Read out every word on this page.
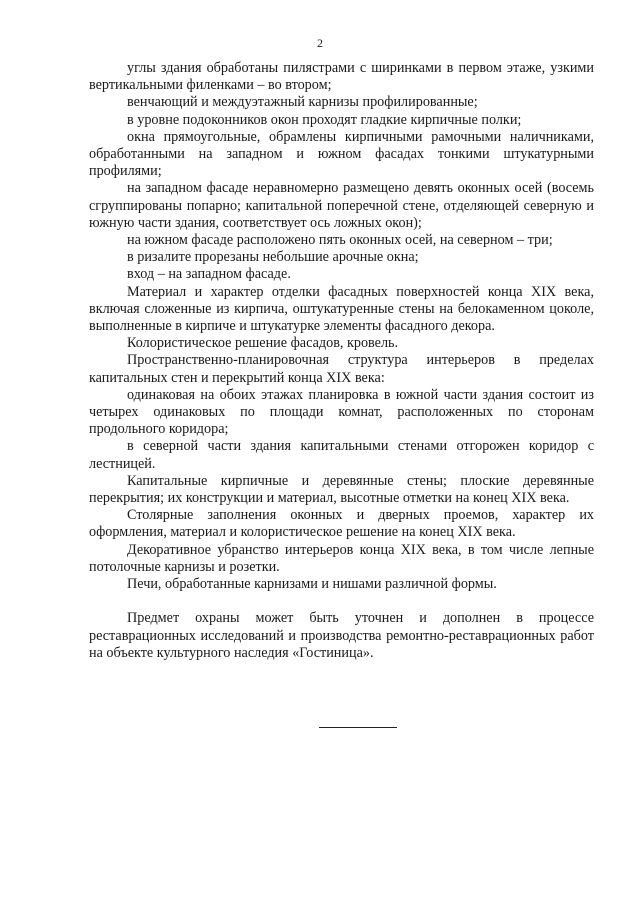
2

углы здания обработаны пилястрами с ширинками в первом этаже, узкими вертикальными филенками – во втором;

венчающий и междуэтажный карнизы профилированные;

в уровне подоконников окон проходят гладкие кирпичные полки;

окна прямоугольные, обрамлены кирпичными рамочными наличниками, обработанными на западном и южном фасадах тонкими штукатурными профилями;

на западном фасаде неравномерно размещено девять оконных осей (восемь сгруппированы попарно; капитальной поперечной стене, отделяющей северную и южную части здания, соответствует ось ложных окон);

на южном фасаде расположено пять оконных осей, на северном – три;

в ризалите прорезаны небольшие арочные окна;

вход – на западном фасаде.

Материал и характер отделки фасадных поверхностей конца XIX века, включая сложенные из кирпича, оштукатуренные стены на белокаменном цоколе, выполненные в кирпиче и штукатурке элементы фасадного декора.

Колористическое решение фасадов, кровель.

Пространственно-планировочная структура интерьеров в пределах капитальных стен и перекрытий конца XIX века:

одинаковая на обоих этажах планировка в южной части здания состоит из четырех одинаковых по площади комнат, расположенных по сторонам продольного коридора;

в северной части здания капитальными стенами отгорожен коридор с лестницей.

Капитальные кирпичные и деревянные стены; плоские деревянные перекрытия; их конструкции и материал, высотные отметки на конец XIX века.

Столярные заполнения оконных и дверных проемов, характер их оформления, материал и колористическое решение на конец XIX века.

Декоративное убранство интерьеров конца XIX века, в том числе лепные потолочные карнизы и розетки.

Печи, обработанные карнизами и нишами различной формы.

Предмет охраны может быть уточнен и дополнен в процессе реставрационных исследований и производства ремонтно-реставрационных работ на объекте культурного наследия «Гостиница».
